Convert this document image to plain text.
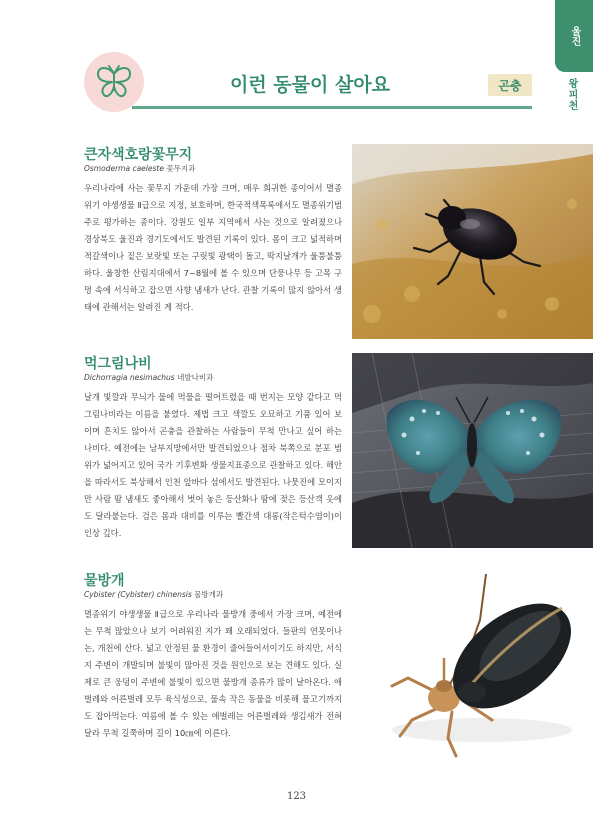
울진
왕피천
이런 동물이 살아요	곤충
큰자색호랑꽃무지
Osmoderma caeleste 꽃무지과
우리나라에 사는 꽃무지 가운데 가장 크며, 매우 희귀한 종이어서 멸종위기 야생생물 Ⅱ급으로 지정, 보호하며, 한국적색목록에서도 멸종위기범주로 평가하는 종이다. 강원도 일부 지역에서 사는 것으로 알려졌으나 경상북도 울진과 경기도에서도 발견된 기록이 있다. 몸이 크고 넓적하며 적갈색이나 짙은 보랏빛 또는 구릿빛 광택이 돌고, 딱지날개가 울퉁불퉁하다. 울창한 산림지대에서 7~8월에 볼 수 있으며 단풍나무 등 고목 구멍 속에 서식하고 잡으면 사향 냄새가 난다. 관찰 기록이 많지 않아서 생태에 관해서는 알려진 게 적다.
먹그림나비
Dichorragia nesimachus 네발나비과
날개 빛깔과 무늬가 물에 먹물을 떨어트렸을 때 번지는 모양 같다고 먹그림나비라는 이름을 붙였다. 제법 크고 색깔도 오묘하고 기품 있어 보이며 흔치도 않아서 곤충을 관찰하는 사람들이 무척 만나고 싶어 하는 나비다. 예전에는 남부지방에서만 발견되었으나 점차 북쪽으로 분포 범위가 넓어지고 있어 국가 기후변화 생물지표종으로 관찰하고 있다. 해안을 따라서도 북상해서 인천 앞바다 섬에서도 발견된다. 나뭇진에 모이지만 사람 땀 냄새도 좋아해서 벗어 놓은 등산화나 땀에 젖은 등산객 옷에도 달라붙는다. 검은 몸과 대비를 이루는 빨간색 대롱(작은턱수염이)이 인상 깊다.
물방개
Cybister (Cybister) chinensis 물방개과
멸종위기 야생생물 Ⅱ급으로 우리나라 물방개 중에서 가장 크며, 예전에는 무척 많았으나 보기 어려워진 지가 꽤 오래되었다. 들판의 연못이나 논, 개천에 산다. 넓고 안정된 물 환경이 줄어들어서이기도 하지만, 서식지 주변이 개발되며 불빛이 많아진 것을 원인으로 보는 견해도 있다. 실제로 큰 웅덩이 주변에 불빛이 있으면 물방개 종류가 많이 날아온다. 애벌레와 어른벌레 모두 육식성으로, 물속 작은 동물을 비롯해 물고기까지도 잡아먹는다. 여름에 볼 수 있는 애벌레는 어른벌레와 생김새가 전혀 달라 무척 길쭉하며 길이 10㎝에 이른다.
123
